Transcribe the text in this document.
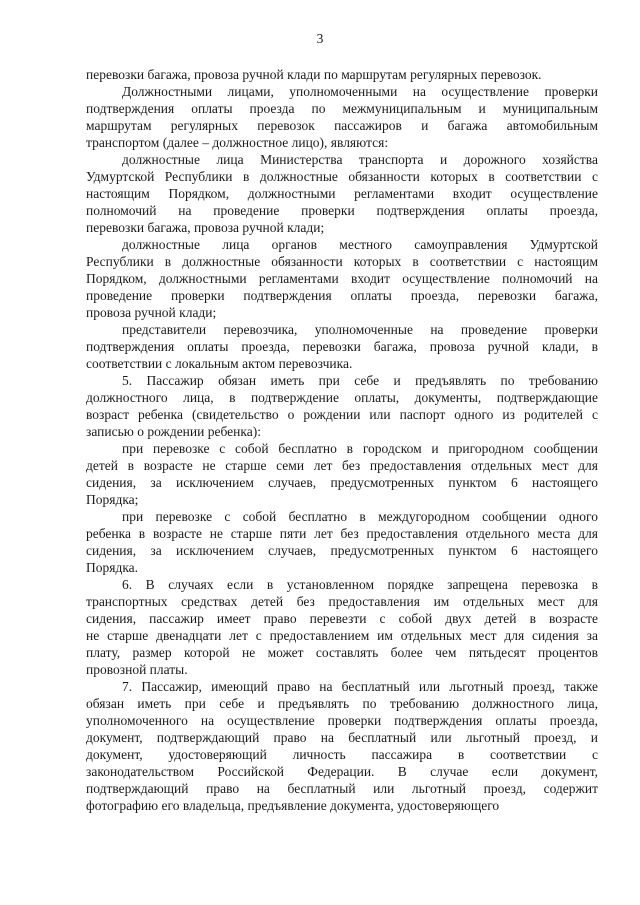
3
перевозки багажа, провоза ручной клади по маршрутам регулярных перевозок.
Должностными лицами, уполномоченными на осуществление проверки
подтверждения оплаты проезда по межмуниципальным и муниципальным
маршрутам регулярных перевозок пассажиров и багажа автомобильным
транспортом (далее – должностное лицо), являются:
должностные лица Министерства транспорта и дорожного хозяйства
Удмуртской Республики в должностные обязанности которых в соответствии с
настоящим Порядком, должностными регламентами входит осуществление
полномочий на проведение проверки подтверждения оплаты проезда,
перевозки багажа, провоза ручной клади;
должностные лица органов местного самоуправления Удмуртской
Республики в должностные обязанности которых в соответствии с настоящим
Порядком, должностными регламентами входит осуществление полномочий на
проведение проверки подтверждения оплаты проезда, перевозки багажа,
провоза ручной клади;
представители перевозчика, уполномоченные на проведение проверки
подтверждения оплаты проезда, перевозки багажа, провоза ручной клади, в
соответствии с локальным актом перевозчика.
5. Пассажир обязан иметь при себе и предъявлять по требованию
должностного лица, в подтверждение оплаты, документы, подтверждающие
возраст ребенка (свидетельство о рождении или паспорт одного из родителей с
записью о рождении ребенка):
при перевозке с собой бесплатно в городском и пригородном сообщении
детей в возрасте не старше семи лет без предоставления отдельных мест для
сидения, за исключением случаев, предусмотренных пунктом 6 настоящего
Порядка;
при перевозке с собой бесплатно в междугородном сообщении одного
ребенка в возрасте не старше пяти лет без предоставления отдельного места для
сидения, за исключением случаев, предусмотренных пунктом 6 настоящего
Порядка.
6. В случаях если в установленном порядке запрещена перевозка в
транспортных средствах детей без предоставления им отдельных мест для
сидения, пассажир имеет право перевезти с собой двух детей в возрасте
не старше двенадцати лет с предоставлением им отдельных мест для сидения за
плату, размер которой не может составлять более чем пятьдесят процентов
провозной платы.
7. Пассажир, имеющий право на бесплатный или льготный проезд, также
обязан иметь при себе и предъявлять по требованию должностного лица,
уполномоченного на осуществление проверки подтверждения оплаты проезда,
документ, подтверждающий право на бесплатный или льготный проезд, и
документ, удостоверяющий личность пассажира в соответствии с
законодательством Российской Федерации. В случае если документ,
подтверждающий право на бесплатный или льготный проезд, содержит
фотографию его владельца, предъявление документа, удостоверяющего
